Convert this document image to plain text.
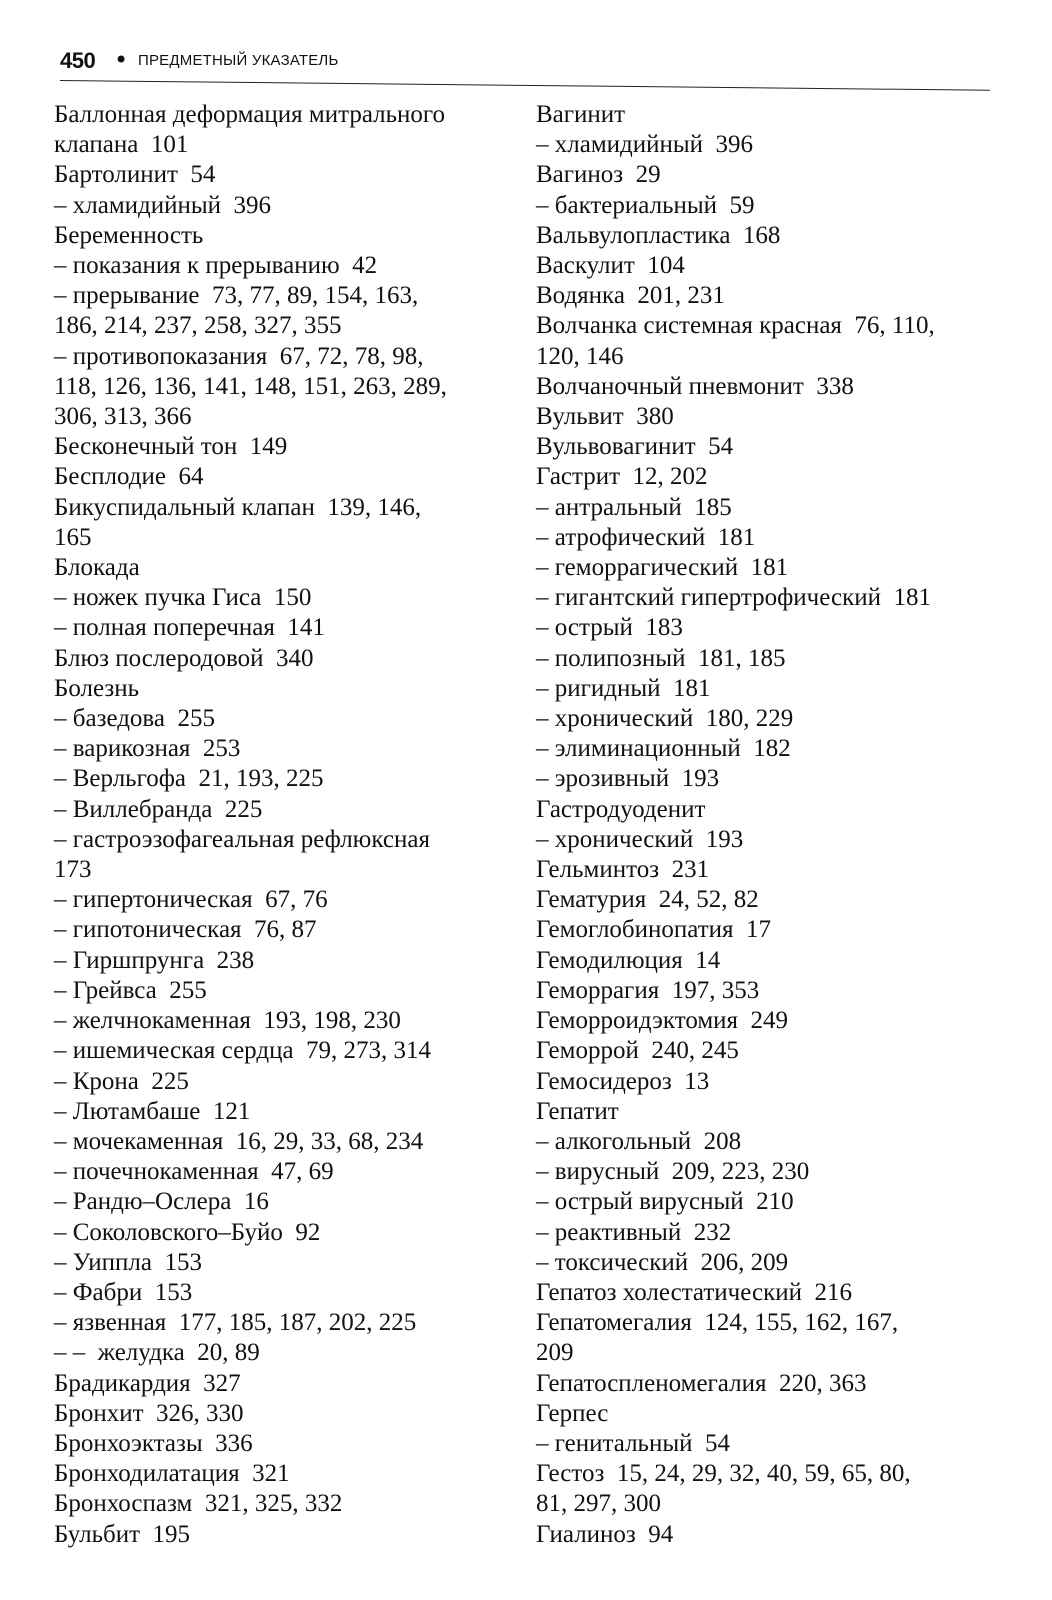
450 • ПРЕДМЕТНЫЙ УКАЗАТЕЛЬ
Баллонная деформация митрального
клапана  101
Бартолинит  54
– хламидийный  396
Беременность
– показания к прерыванию  42
– прерывание  73, 77, 89, 154, 163,
186, 214, 237, 258, 327, 355
– противопоказания  67, 72, 78, 98,
118, 126, 136, 141, 148, 151, 263, 289,
306, 313, 366
Бесконечный тон  149
Бесплодие  64
Бикуспидальный клапан  139, 146,
165
Блокада
– ножек пучка Гиса  150
– полная поперечная  141
Блюз послеродовой  340
Болезнь
– базедова  255
– варикозная  253
– Верльгофа  21, 193, 225
– Виллебранда  225
– гастроэзофагеальная рефлюксная
173
– гипертоническая  67, 76
– гипотоническая  76, 87
– Гиршпрунга  238
– Грейвса  255
– желчнокаменная  193, 198, 230
– ишемическая сердца  79, 273, 314
– Крона  225
– Лютамбаше  121
– мочекаменная  16, 29, 33, 68, 234
– почечнокаменная  47, 69
– Рандю–Ослера  16
– Соколовского–Буйо  92
– Уиппла  153
– Фабри  153
– язвенная  177, 185, 187, 202, 225
– –  желудка  20, 89
Брадикардия  327
Бронхит  326, 330
Бронхоэктазы  336
Бронходилатация  321
Бронхоспазм  321, 325, 332
Бульбит  195
Вагинит
– хламидийный  396
Вагиноз  29
– бактериальный  59
Вальвулопластика  168
Васкулит  104
Водянка  201, 231
Волчанка системная красная  76, 110,
120, 146
Волчаночный пневмонит  338
Вульвит  380
Вульвовагинит  54
Гастрит  12, 202
– антральный  185
– атрофический  181
– геморрагический  181
– гигантский гипертрофический  181
– острый  183
– полипозный  181, 185
– ригидный  181
– хронический  180, 229
– элиминационный  182
– эрозивный  193
Гастродуоденит
– хронический  193
Гельминтоз  231
Гематурия  24, 52, 82
Гемоглобинопатия  17
Гемодилюция  14
Геморрагия  197, 353
Геморроидэктомия  249
Геморрой  240, 245
Гемосидероз  13
Гепатит
– алкогольный  208
– вирусный  209, 223, 230
– острый вирусный  210
– реактивный  232
– токсический  206, 209
Гепатоз холестатический  216
Гепатомегалия  124, 155, 162, 167,
209
Гепатоспленомегалия  220, 363
Герпес
– генитальный  54
Гестоз  15, 24, 29, 32, 40, 59, 65, 80,
81, 297, 300
Гиалиноз  94
